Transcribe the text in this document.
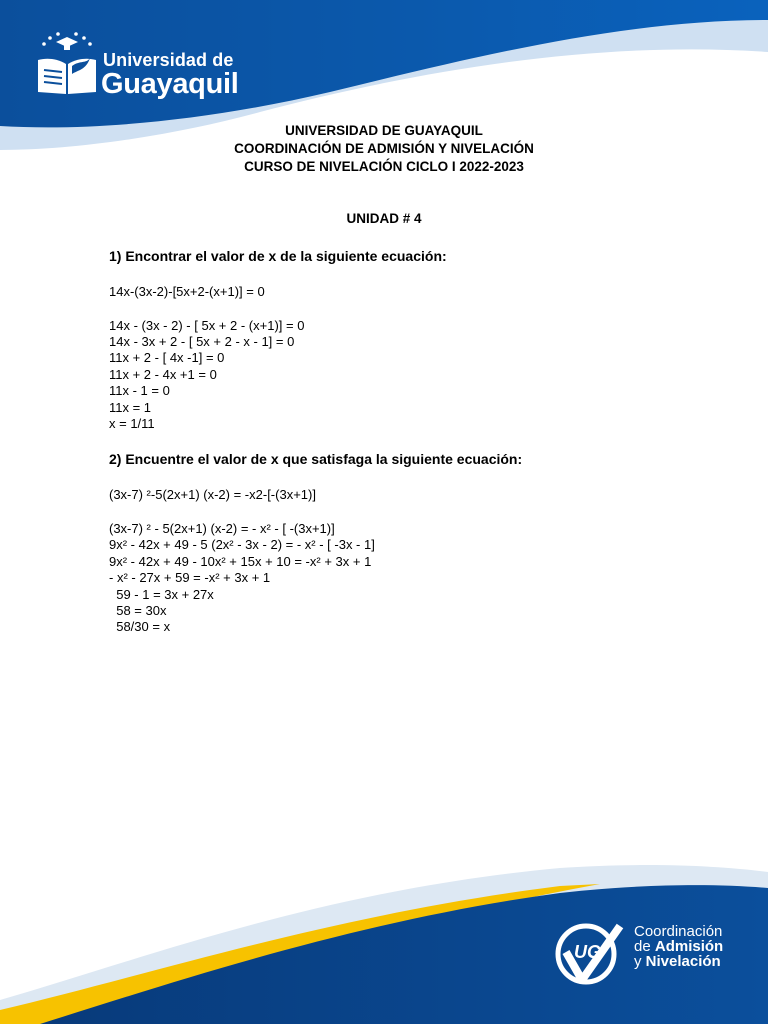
Universidad de
Guayaquil
UNIVERSIDAD DE GUAYAQUIL
COORDINACIÓN DE ADMISIÓN Y NIVELACIÓN
CURSO DE NIVELACIÓN CICLO I 2022-2023
UNIDAD # 4
1) Encontrar el valor de x de la siguiente ecuación:
14x-(3x-2)-[5x+2-(x+1)] = 0
14x - (3x - 2) - [ 5x + 2 - (x+1)] = 0
14x - 3x + 2 - [ 5x + 2 - x - 1] = 0
11x + 2 - [ 4x -1] = 0
11x + 2 - 4x +1 = 0
11x - 1 = 0
11x = 1
x = 1/11
2) Encuentre el valor de x que satisfaga la siguiente ecuación:
(3x-7) ²-5(2x+1) (x-2) = -x2-[-(3x+1)]
(3x-7) ² - 5(2x+1) (x-2) = - x² - [ -(3x+1)]
9x² - 42x + 49 - 5 (2x² - 3x - 2) = - x² - [ -3x - 1]
9x² - 42x + 49 - 10x² + 15x + 10 = -x² + 3x + 1
- x² - 27x + 59 = -x² + 3x + 1
59 - 1 = 3x + 27x
58 = 30x
58/30 = x
UG
Coordinación
de Admisión
y Nivelación
